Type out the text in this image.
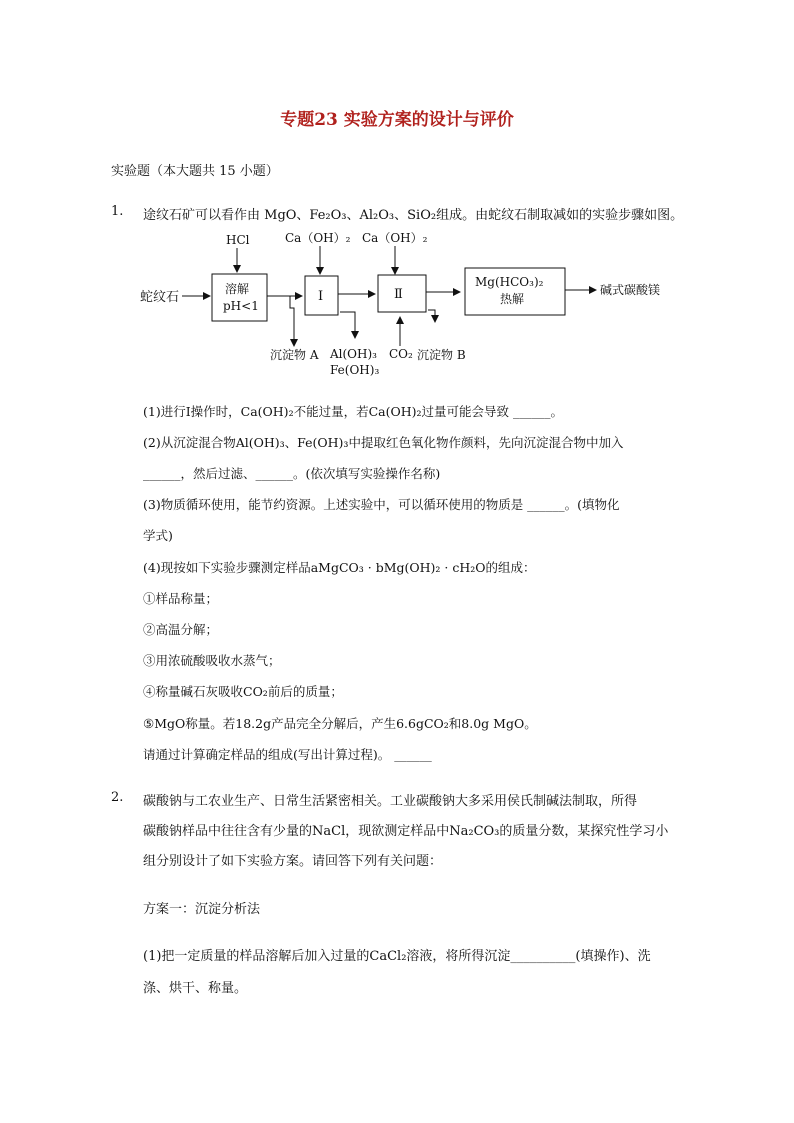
专题23 实验方案的设计与评价
实验题（本大题共 15 小题）
1. 途纹石矿可以看作由 MgO、Fe₂O₃、Al₂O₃、SiO₂组成。由蛇纹石制取减如的实验步骤如图。
HCl	Ca（OH）₂ Ca（OH）₂
蛇纹石
溶解
pH<1
Ⅰ	Ⅱ
Mg(HCO₃)₂
热解
碱式碳酸镁
沉淀物 A Al(OH)₃
Fe(OH)₃
CO₂ 沉淀物 B
(1)进行Ⅰ操作时，Ca(OH)₂不能过量，若Ca(OH)₂过量可能会导致 ______。
(2)从沉淀混合物Al(OH)₃、Fe(OH)₃中提取红色氧化物作颜料，先向沉淀混合物中加入
______，然后过滤、______。(依次填写实验操作名称)
(3)物质循环使用，能节约资源。上述实验中，可以循环使用的物质是 ______。(填物化
学式)
(4)现按如下实验步骤测定样品aMgCO₃ · bMg(OH)₂ · cH₂O的组成：
①样品称量；
②高温分解；
③用浓硫酸吸收水蒸气；
④称量碱石灰吸收CO₂前后的质量；
⑤MgO称量。若18.2g产品完全分解后，产生6.6gCO₂和8.0g MgO。
请通过计算确定样品的组成(写出计算过程)。 ______
2. 碳酸钠与工农业生产、日常生活紧密相关。工业碳酸钠大多采用侯氏制碱法制取，所得
碳酸钠样品中往往含有少量的NaCl，现欲测定样品中Na₂CO₃的质量分数，某探究性学习小
组分别设计了如下实验方案。请回答下列有关问题：
方案一：沉淀分析法
(1)把一定质量的样品溶解后加入过量的CaCl₂溶液，将所得沉淀__________(填操作)、洗
涤、烘干、称量。
